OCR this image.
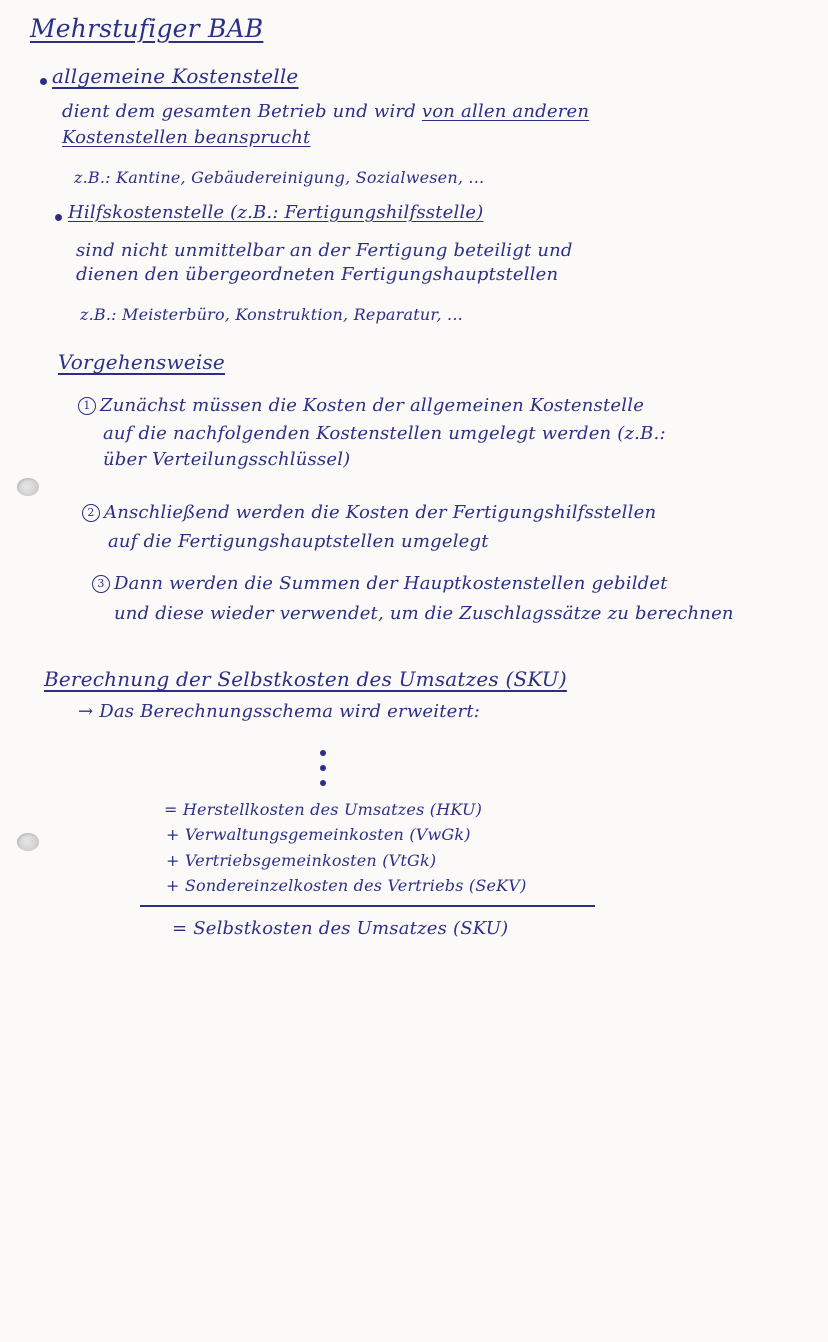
Mehrstufiger BAB
allgemeine Kostenstelle
dient dem gesamten Betrieb und wird von allen anderen
Kostenstellen beansprucht
z.B.: Kantine, Gebäudereinigung, Sozialwesen, ...
Hilfskostenstelle (z.B.: Fertigungshilfsstelle)
sind nicht unmittelbar an der Fertigung beteiligt und
dienen den übergeordneten Fertigungshauptstellen
z.B.: Meisterbüro, Konstruktion, Reparatur, ...
Vorgehensweise
1 Zunächst müssen die Kosten der allgemeinen Kostenstelle
auf die nachfolgenden Kostenstellen umgelegt werden (z.B.:
über Verteilungsschlüssel)
2 Anschließend werden die Kosten der Fertigungshilfsstellen
auf die Fertigungshauptstellen umgelegt
3 Dann werden die Summen der Hauptkostenstellen gebildet
und diese wieder verwendet, um die Zuschlagssätze zu berechnen
Berechnung der Selbstkosten des Umsatzes (SKU)
→ Das Berechnungsschema wird erweitert:
= Herstellkosten des Umsatzes (HKU)
+ Verwaltungsgemeinkosten (VwGk)
+ Vertriebsgemeinkosten (VtGk)
+ Sondereinzelkosten des Vertriebs (SeKV)
= Selbstkosten des Umsatzes (SKU)
